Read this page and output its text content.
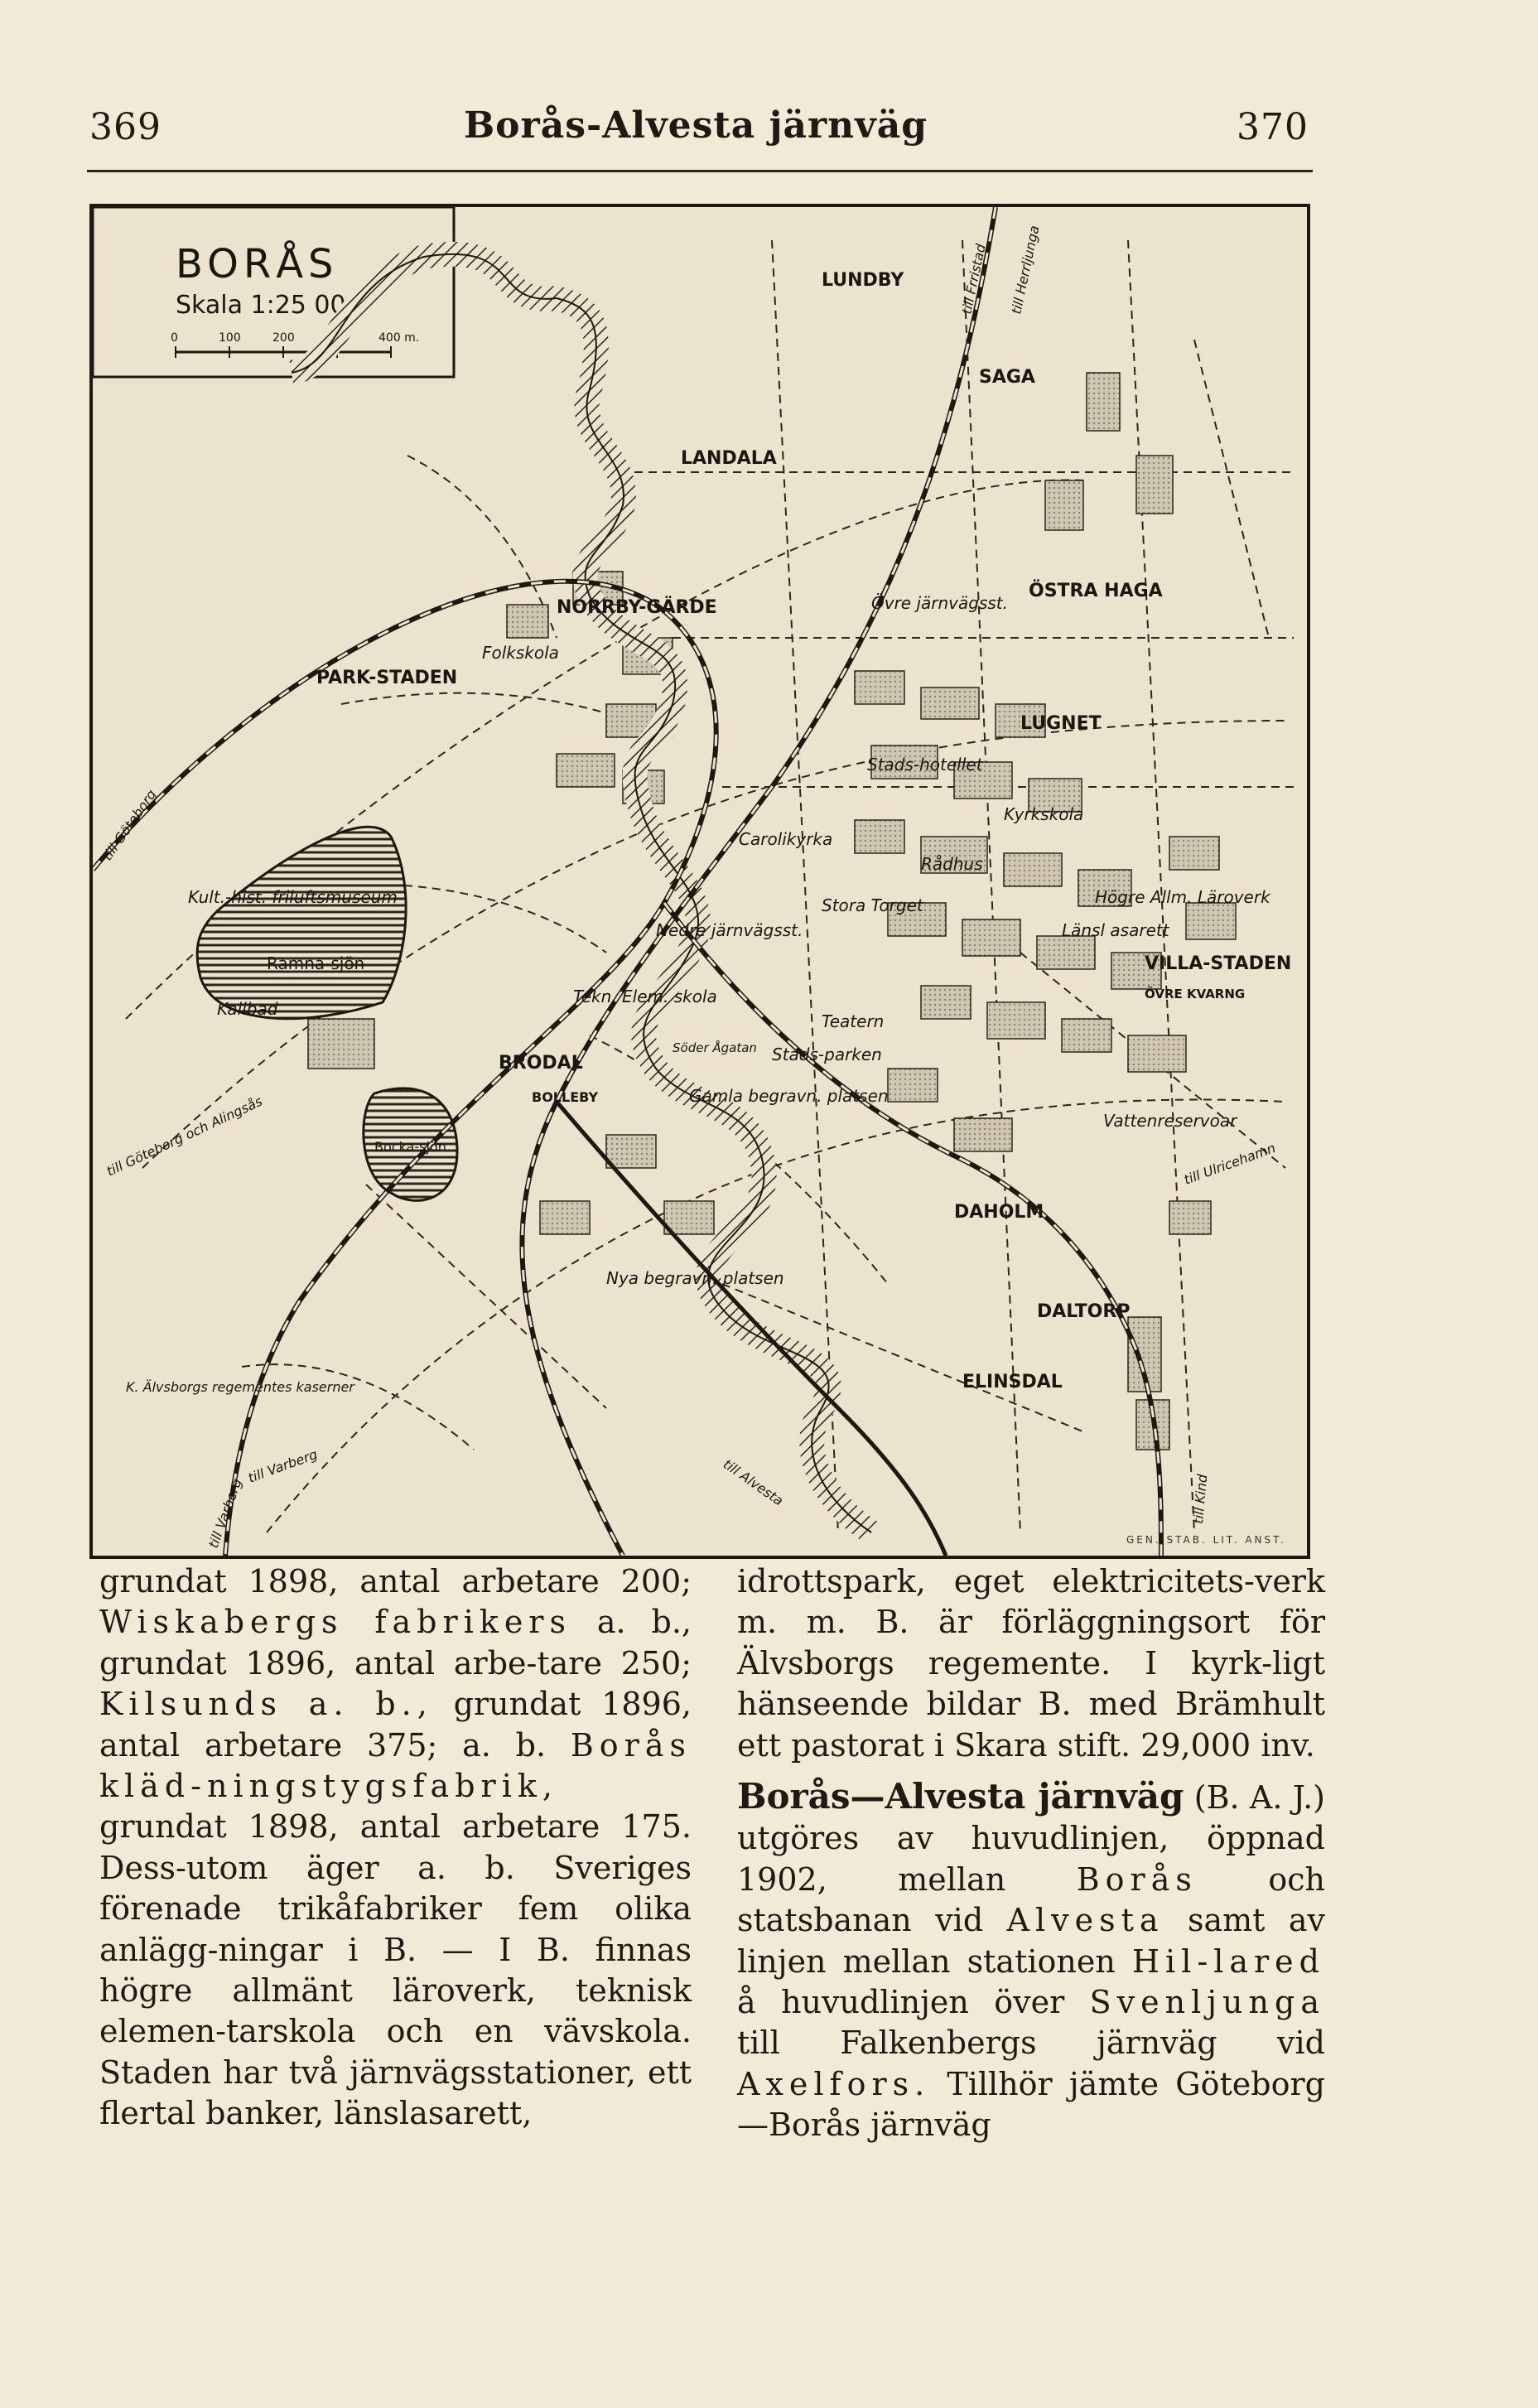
369	Borås-Alvesta järnväg	370
BORÅS
Skala 1:25 000
0	100	200	300	400 m.
LUNDBY
SAGA
LANDALA
NORRBY-GÄRDE
PARK-STADEN
ÖSTRA HAGA
LUGNET
VILLA-STADEN
ÖVRE KVARNG
DALTORP
DAHOLM
ELINSDAL
BRODAL
BOLLEBY
Folkskola
Övre järnvägsst.
Stads-hotellet
Carolikyrka
Rådhus
Stora Torget
Kyrkskola
Tekn. Elem. skola
Teatern
Stads-parken
Nedre järnvägsst.
Gamla begravn. platsen
Nya begravn. platsen
Högre Allm. Läroverk
Länsl asarett
Kult.-hist. friluftsmuseum
Ramna-sjön
Kallbad
Bocka-sjön
Vattenreservoar
K. Älvsborgs regementes kaserner
Söder Ågatan
till Frristad till Herrljunga
till Göteborg
till Göteborg och Alingsås
till Varberg
till Varberg	till Alvesta
till Ulricehamn
till Kind
GEN. STAB. LIT. ANST.

grundat 1898, antal arbetare 200; Wiskabergs fabrikers a. b., grundat 1896, antal arbe-tare 250; Kilsunds a. b., grundat 1896, antal arbetare 375; a. b. Borås kläd-ningstygsfabrik, grundat 1898, antal arbetare 175. Dess-utom äger a. b. Sveriges förenade trikåfabriker fem olika anlägg-ningar i B. — I B. finnas högre allmänt läroverk, teknisk elemen-tarskola och en vävskola. Staden har två järnvägsstationer, ett flertal banker, länslasarett,

idrottspark, eget elektricitets-verk m. m. B. är förläggningsort för Älvsborgs regemente. I kyrk-ligt hänseende bildar B. med Brämhult ett pastorat i Skara stift. 29,000 inv.

Borås—Alvesta järnväg (B. A. J.) utgöres av huvudlinjen, öppnad 1902, mellan Borås och statsbanan vid Alvesta samt av linjen mellan stationen Hil-lared å huvudlinjen över Svenljunga till Falkenbergs järnväg vid Axelfors. Tillhör jämte Göteborg—Borås järnväg
